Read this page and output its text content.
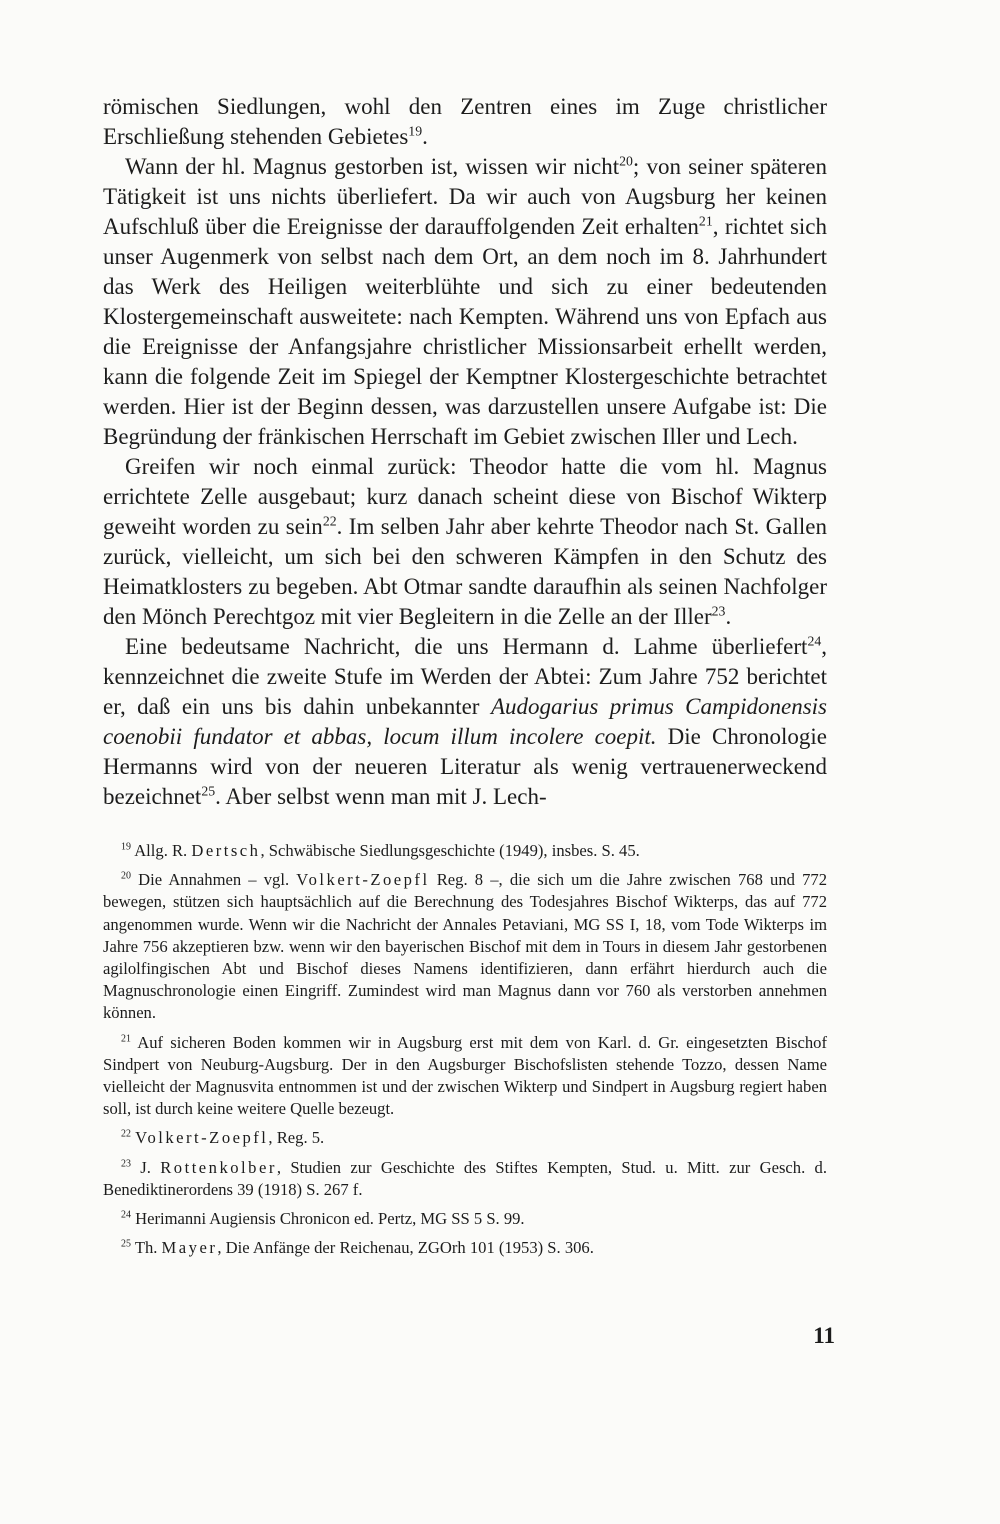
römischen Siedlungen, wohl den Zentren eines im Zuge christlicher Erschließung stehenden Gebietes$^{19}$.

Wann der hl. Magnus gestorben ist, wissen wir nicht$^{20}$; von seiner späteren Tätigkeit ist uns nichts überliefert. Da wir auch von Augsburg her keinen Aufschluß über die Ereignisse der darauffolgenden Zeit erhalten$^{21}$, richtet sich unser Augenmerk von selbst nach dem Ort, an dem noch im 8. Jahrhundert das Werk des Heiligen weiterblühte und sich zu einer bedeutenden Klostergemeinschaft ausweitete: nach Kempten. Während uns von Epfach aus die Ereignisse der Anfangsjahre christlicher Missionsarbeit erhellt werden, kann die folgende Zeit im Spiegel der Kemptner Klostergeschichte betrachtet werden. Hier ist der Beginn dessen, was darzustellen unsere Aufgabe ist: Die Begründung der fränkischen Herrschaft im Gebiet zwischen Iller und Lech.

Greifen wir noch einmal zurück: Theodor hatte die vom hl. Magnus errichtete Zelle ausgebaut; kurz danach scheint diese von Bischof Wikterp geweiht worden zu sein$^{22}$. Im selben Jahr aber kehrte Theodor nach St. Gallen zurück, vielleicht, um sich bei den schweren Kämpfen in den Schutz des Heimatklosters zu begeben. Abt Otmar sandte daraufhin als seinen Nachfolger den Mönch Perechtgoz mit vier Begleitern in die Zelle an der Iller$^{23}$.

Eine bedeutsame Nachricht, die uns Hermann d. Lahme überliefert$^{24}$, kennzeichnet die zweite Stufe im Werden der Abtei: Zum Jahre 752 berichtet er, daß ein uns bis dahin unbekannter Audogarius primus Campidonensis coenobii fundator et abbas, locum illum incolere coepit. Die Chronologie Hermanns wird von der neueren Literatur als wenig vertrauenerweckend bezeichnet$^{25}$. Aber selbst wenn man mit J. Lech-

$^{19}$ Allg. R. Dertsch, Schwäbische Siedlungsgeschichte (1949), insbes. S. 45.

$^{20}$ Die Annahmen – vgl. Volkert-Zoepfl Reg. 8 –, die sich um die Jahre zwischen 768 und 772 bewegen, stützen sich hauptsächlich auf die Berechnung des Todesjahres Bischof Wikterps, das auf 772 angenommen wurde. Wenn wir die Nachricht der Annales Petaviani, MG SS I, 18, vom Tode Wikterps im Jahre 756 akzeptieren bzw. wenn wir den bayerischen Bischof mit dem in Tours in diesem Jahr gestorbenen agilolfingischen Abt und Bischof dieses Namens identifizieren, dann erfährt hierdurch auch die Magnuschronologie einen Eingriff. Zumindest wird man Magnus dann vor 760 als verstorben annehmen können.

$^{21}$ Auf sicheren Boden kommen wir in Augsburg erst mit dem von Karl. d. Gr. eingesetzten Bischof Sindpert von Neuburg-Augsburg. Der in den Augsburger Bischofslisten stehende Tozzo, dessen Name vielleicht der Magnusvita entnommen ist und der zwischen Wikterp und Sindpert in Augsburg regiert haben soll, ist durch keine weitere Quelle bezeugt.

$^{22}$ Volkert-Zoepfl, Reg. 5.

$^{23}$ J. Rottenkolber, Studien zur Geschichte des Stiftes Kempten, Stud. u. Mitt. zur Gesch. d. Benediktinerordens 39 (1918) S. 267 f.

$^{24}$ Herimanni Augiensis Chronicon ed. Pertz, MG SS 5 S. 99.

$^{25}$ Th. Mayer, Die Anfänge der Reichenau, ZGOrh 101 (1953) S. 306.

11
